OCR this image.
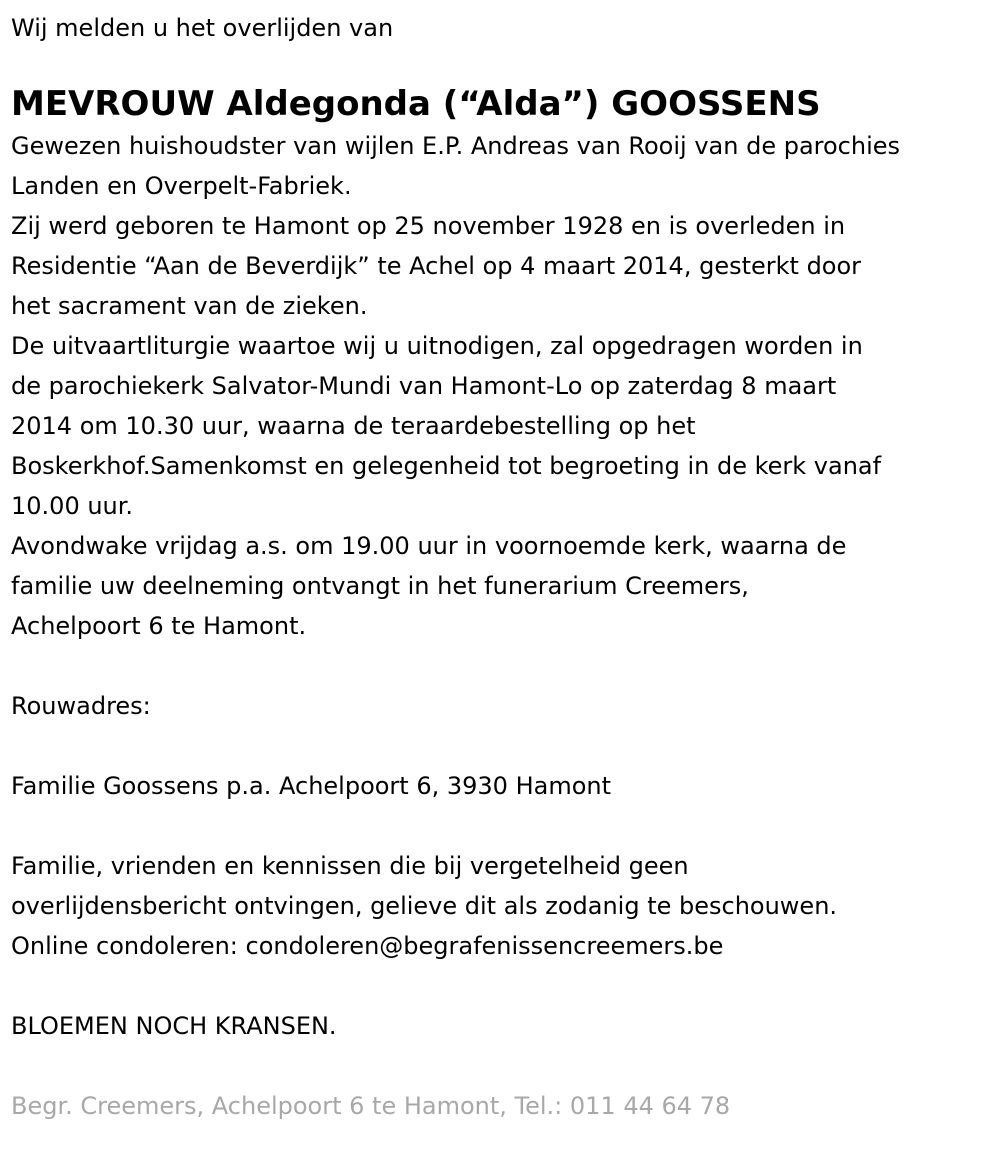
Wij melden u het overlijden van

MEVROUW Aldegonda (“Alda”) GOOSSENS

Gewezen huishoudster van wijlen E.P. Andreas van Rooij van de parochies

Landen en Overpelt-Fabriek.

Zij werd geboren te Hamont op 25 november 1928 en is overleden in

Residentie “Aan de Beverdijk” te Achel op 4 maart 2014, gesterkt door

het sacrament van de zieken.

De uitvaartliturgie waartoe wij u uitnodigen, zal opgedragen worden in

de parochiekerk Salvator-Mundi van Hamont-Lo op zaterdag 8 maart

2014 om 10.30 uur, waarna de teraardebestelling op het

Boskerkhof.Samenkomst en gelegenheid tot begroeting in de kerk vanaf

10.00 uur.

Avondwake vrijdag a.s. om 19.00 uur in voornoemde kerk, waarna de

familie uw deelneming ontvangt in het funerarium Creemers,

Achelpoort 6 te Hamont.

Rouwadres:

Familie Goossens p.a. Achelpoort 6, 3930 Hamont

Familie, vrienden en kennissen die bij vergetelheid geen

overlijdensbericht ontvingen, gelieve dit als zodanig te beschouwen.

Online condoleren: condoleren@begrafenissencreemers.be

BLOEMEN NOCH KRANSEN.

Begr. Creemers, Achelpoort 6 te Hamont, Tel.: 011 44 64 78
